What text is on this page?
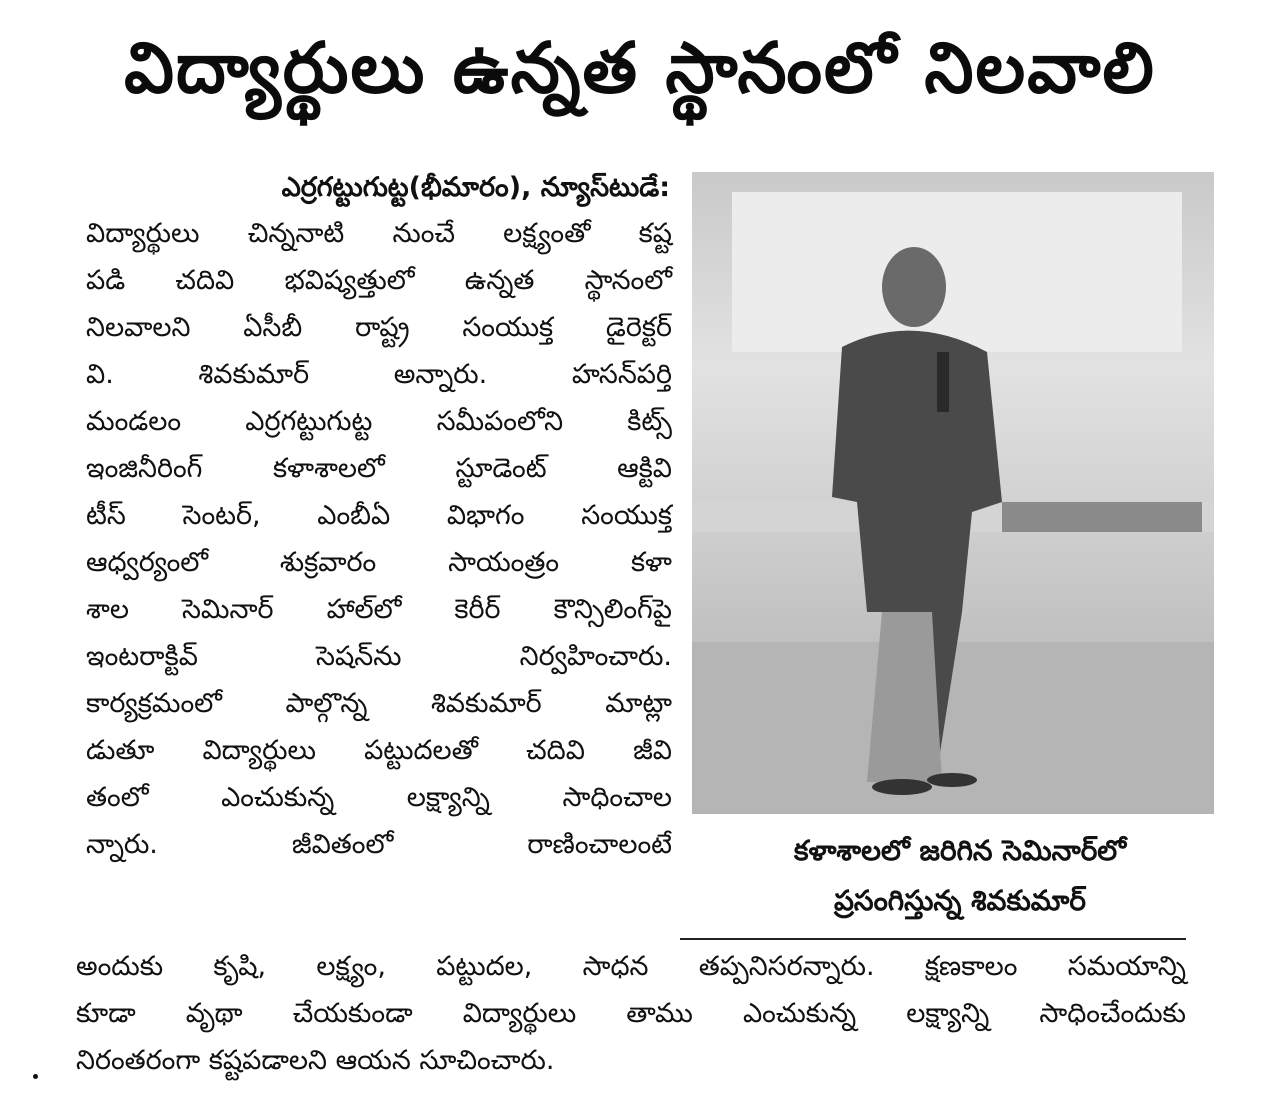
విద్యార్థులు ఉన్నత స్థానంలో నిలవాలి
ఎర్రగట్టుగుట్ట(భీమారం), న్యూస్‌టుడే:
విద్యార్థులు చిన్ననాటి నుంచే లక్ష్యంతో కష్ట
పడి చదివి భవిష్యత్తులో ఉన్నత స్థానంలో
నిలవాలని ఏసీబీ రాష్ట్ర సంయుక్త డైరెక్టర్
వి. శివకుమార్ అన్నారు. హసన్‌పర్తి
మండలం ఎర్రగట్టుగుట్ట సమీపంలోని కిట్స్
ఇంజినీరింగ్ కళాశాలలో స్టూడెంట్ ఆక్టివి
టీస్ సెంటర్, ఎంబీఏ విభాగం సంయుక్త
ఆధ్వర్యంలో శుక్రవారం సాయంత్రం కళా
శాల సెమినార్ హాల్‌లో కెరీర్ కౌన్సిలింగ్‌పై
ఇంటరాక్టివ్ సెషన్‌ను నిర్వహించారు.
కార్యక్రమంలో పాల్గొన్న శివకుమార్ మాట్లా
డుతూ విద్యార్థులు పట్టుదలతో చదివి జీవి
తంలో ఎంచుకున్న లక్ష్యాన్ని సాధించాల
న్నారు. జీవితంలో రాణించాలంటే	కళాశాలలో జరిగిన సెమినార్‌లో
ప్రసంగిస్తున్న శివకుమార్
అందుకు కృషి, లక్ష్యం, పట్టుదల, సాధన తప్పనిసరన్నారు. క్షణకాలం సమయాన్ని
కూడా వృథా చేయకుండా విద్యార్థులు తాము ఎంచుకున్న లక్ష్యాన్ని సాధించేందుకు
నిరంతరంగా కష్టపడాలని ఆయన సూచించారు.
